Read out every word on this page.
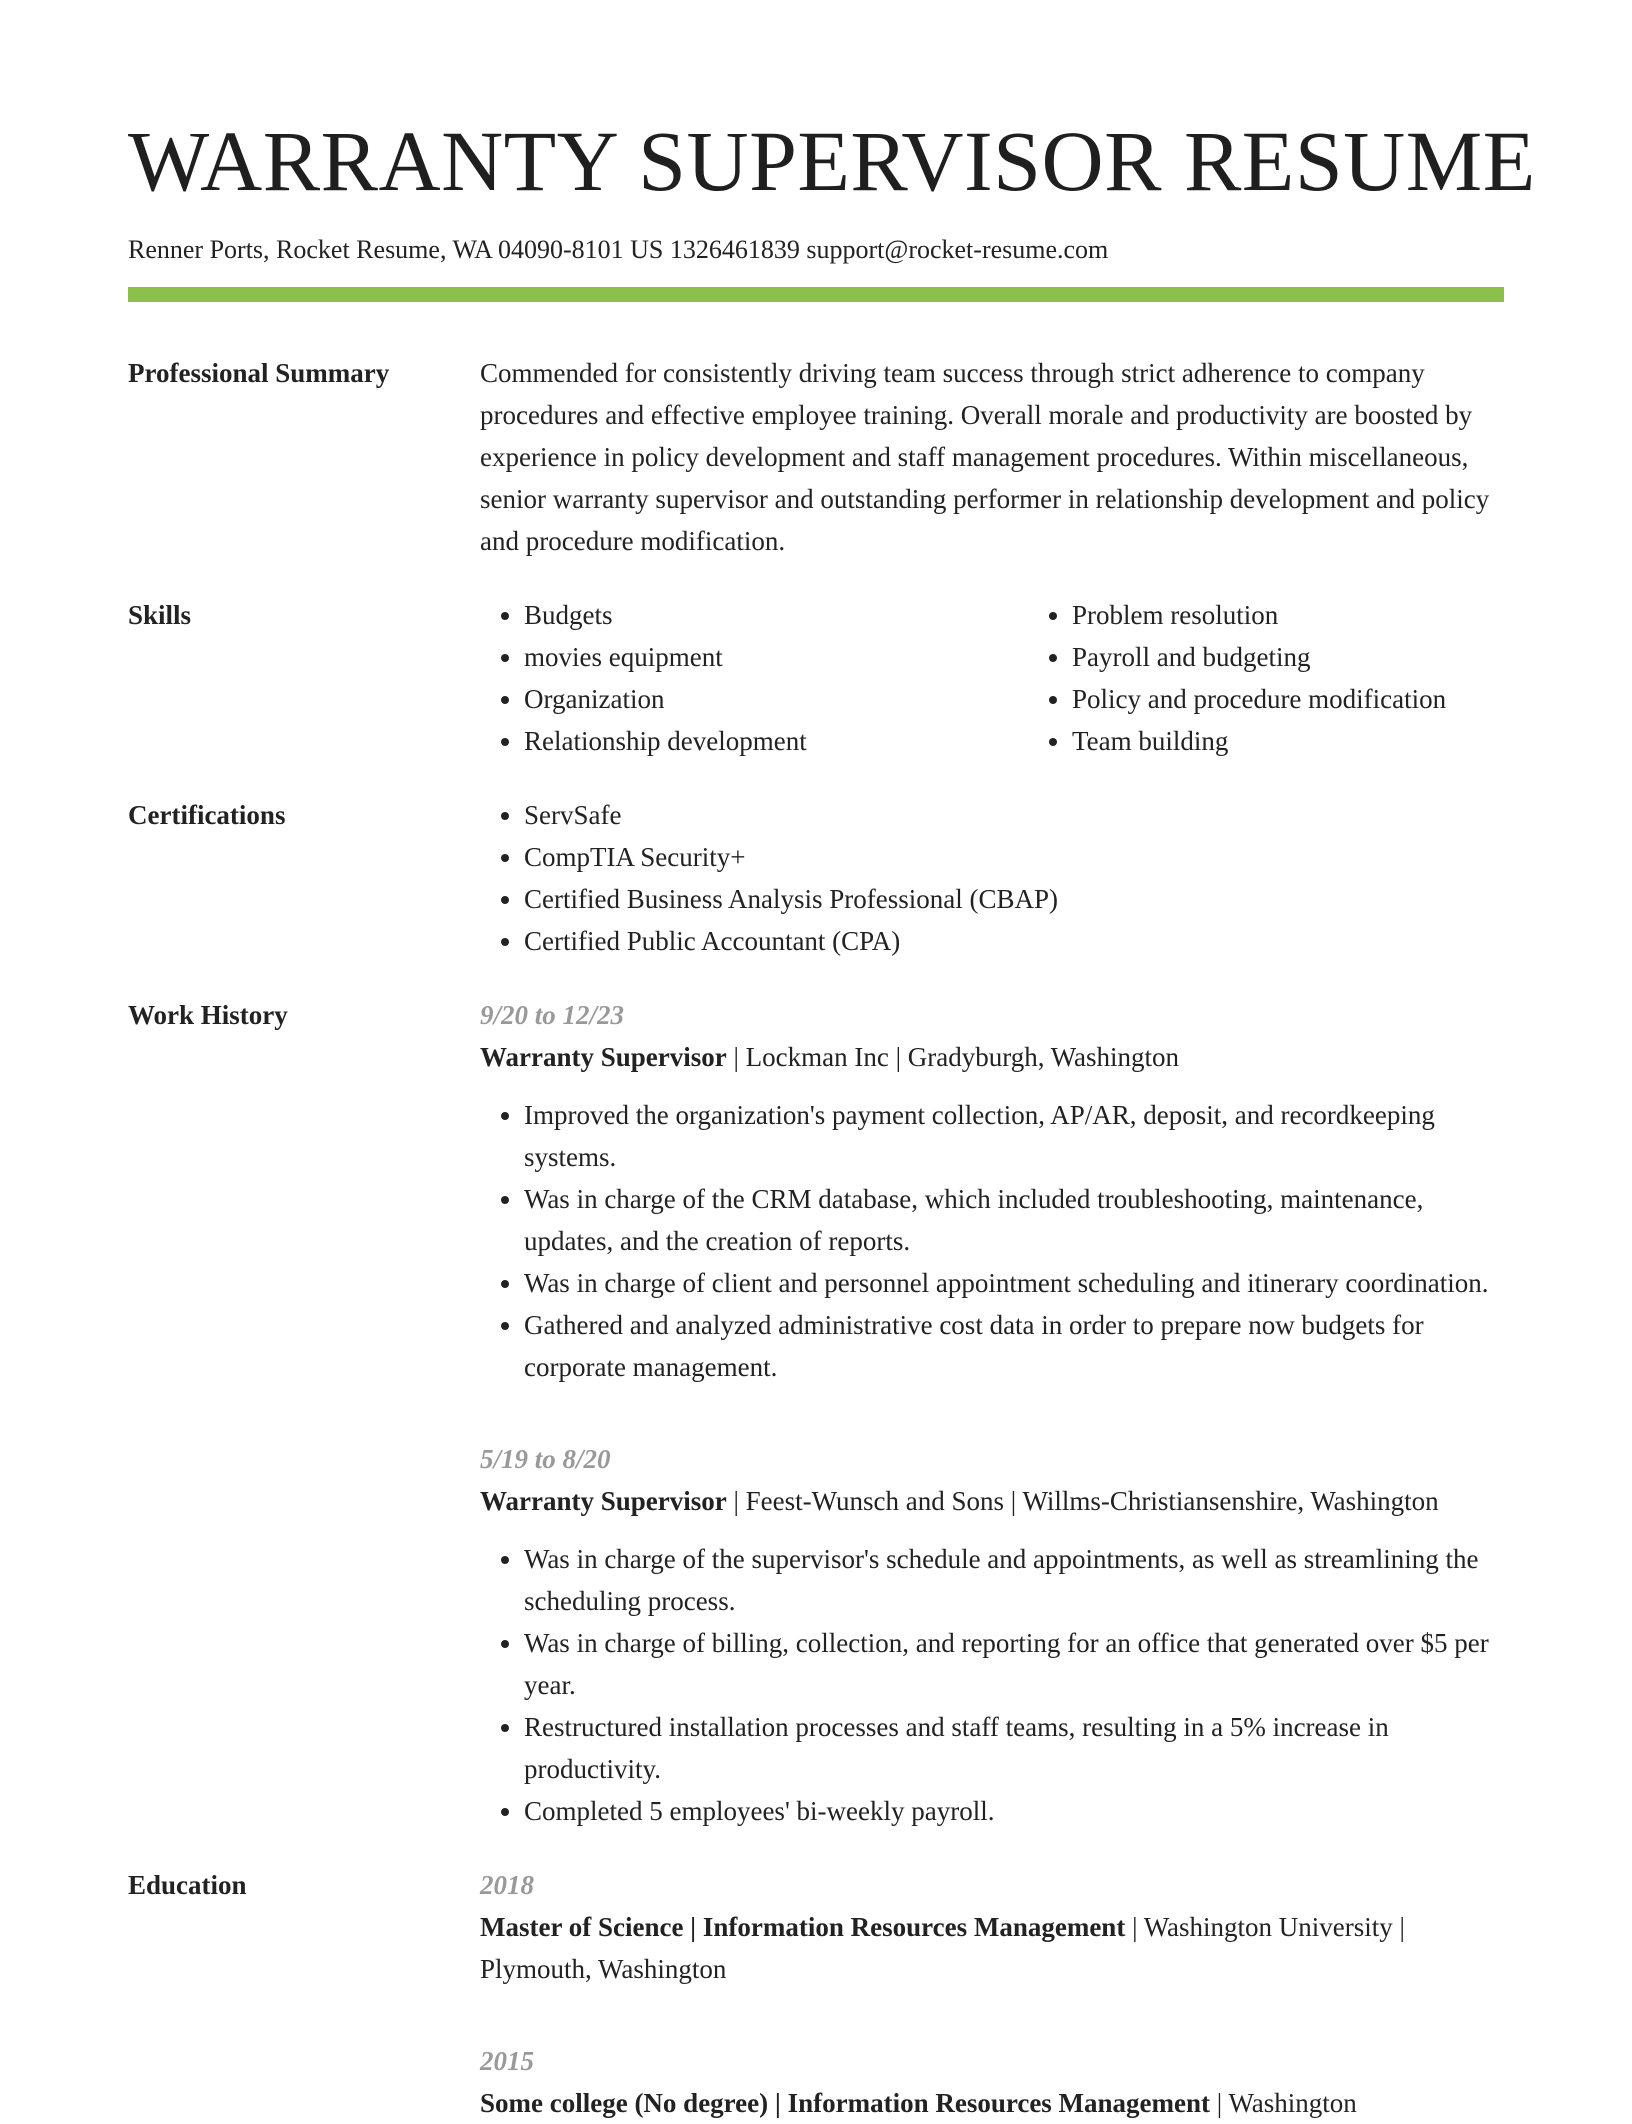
WARRANTY SUPERVISOR RESUME
Renner Ports, Rocket Resume, WA 04090-8101 US 1326461839 support@rocket-resume.com
Professional Summary	Commended for consistently driving team success through strict adherence to company procedures and effective employee training. Overall morale and productivity are boosted by experience in policy development and staff management procedures. Within miscellaneous, senior warranty supervisor and outstanding performer in relationship development and policy and procedure modification.
Skills	• Budgets
• movies equipment
• Organization
• Relationship development
• Problem resolution
• Payroll and budgeting
• Policy and procedure modification
• Team building
Certifications	• ServSafe
• CompTIA Security+
• Certified Business Analysis Professional (CBAP)
• Certified Public Accountant (CPA)
Work History	9/20 to 12/23
Warranty Supervisor | Lockman Inc | Gradyburgh, Washington
• Improved the organization's payment collection, AP/AR, deposit, and recordkeeping systems.
• Was in charge of the CRM database, which included troubleshooting, maintenance, updates, and the creation of reports.
• Was in charge of client and personnel appointment scheduling and itinerary coordination.
• Gathered and analyzed administrative cost data in order to prepare now budgets for corporate management.
5/19 to 8/20
Warranty Supervisor | Feest-Wunsch and Sons | Willms-Christiansenshire, Washington
• Was in charge of the supervisor's schedule and appointments, as well as streamlining the scheduling process.
• Was in charge of billing, collection, and reporting for an office that generated over $5 per year.
• Restructured installation processes and staff teams, resulting in a 5% increase in productivity.
• Completed 5 employees' bi-weekly payroll.
Education	2018
Master of Science | Information Resources Management | Washington University | Plymouth, Washington
2015
Some college (No degree) | Information Resources Management | Washington
